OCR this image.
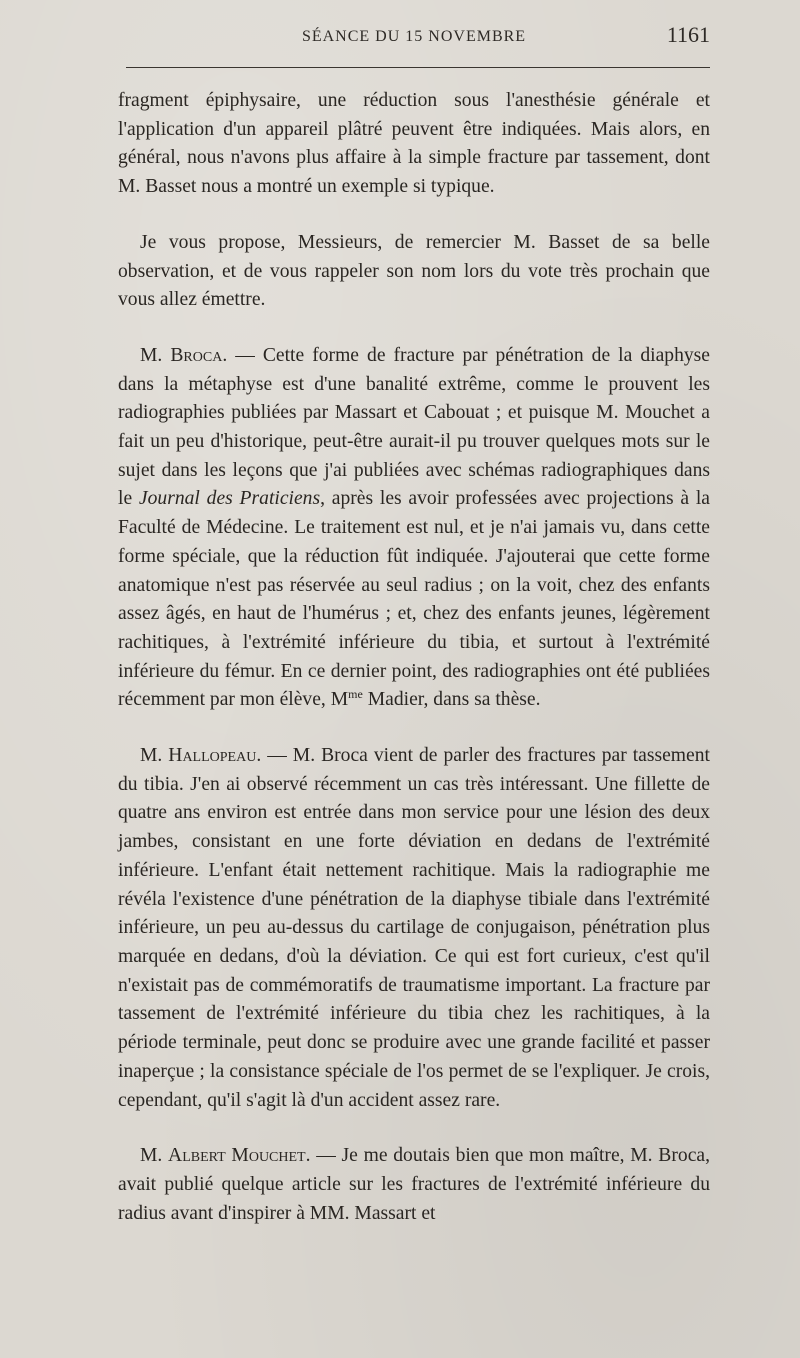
SÉANCE DU 15 NOVEMBRE	1161

fragment épiphysaire, une réduction sous l'anesthésie générale et l'application d'un appareil plâtré peuvent être indiquées. Mais alors, en général, nous n'avons plus affaire à la simple fracture par tassement, dont M. Basset nous a montré un exemple si typique.

Je vous propose, Messieurs, de remercier M. Basset de sa belle observation, et de vous rappeler son nom lors du vote très prochain que vous allez émettre.

M. Broca. — Cette forme de fracture par pénétration de la diaphyse dans la métaphyse est d'une banalité extrême, comme le prouvent les radiographies publiées par Massart et Cabouat ; et puisque M. Mouchet a fait un peu d'historique, peut-être aurait-il pu trouver quelques mots sur le sujet dans les leçons que j'ai publiées avec schémas radiographiques dans le Journal des Praticiens, après les avoir professées avec projections à la Faculté de Médecine. Le traitement est nul, et je n'ai jamais vu, dans cette forme spéciale, que la réduction fût indiquée. J'ajouterai que cette forme anatomique n'est pas réservée au seul radius ; on la voit, chez des enfants assez âgés, en haut de l'humérus ; et, chez des enfants jeunes, légèrement rachitiques, à l'extrémité inférieure du tibia, et surtout à l'extrémité inférieure du fémur. En ce dernier point, des radiographies ont été publiées récemment par mon élève, $M^{me}$ Madier, dans sa thèse.

M. Hallopeau. — M. Broca vient de parler des fractures par tassement du tibia. J'en ai observé récemment un cas très intéressant. Une fillette de quatre ans environ est entrée dans mon service pour une lésion des deux jambes, consistant en une forte déviation en dedans de l'extrémité inférieure. L'enfant était nettement rachitique. Mais la radiographie me révéla l'existence d'une pénétration de la diaphyse tibiale dans l'extrémité inférieure, un peu au-dessus du cartilage de conjugaison, pénétration plus marquée en dedans, d'où la déviation. Ce qui est fort curieux, c'est qu'il n'existait pas de commémoratifs de traumatisme important. La fracture par tassement de l'extrémité inférieure du tibia chez les rachitiques, à la période terminale, peut donc se produire avec une grande facilité et passer inaperçue ; la consistance spéciale de l'os permet de se l'expliquer. Je crois, cependant, qu'il s'agit là d'un accident assez rare.

M. Albert Mouchet. — Je me doutais bien que mon maître, M. Broca, avait publié quelque article sur les fractures de l'extrémité inférieure du radius avant d'inspirer à MM. Massart et
